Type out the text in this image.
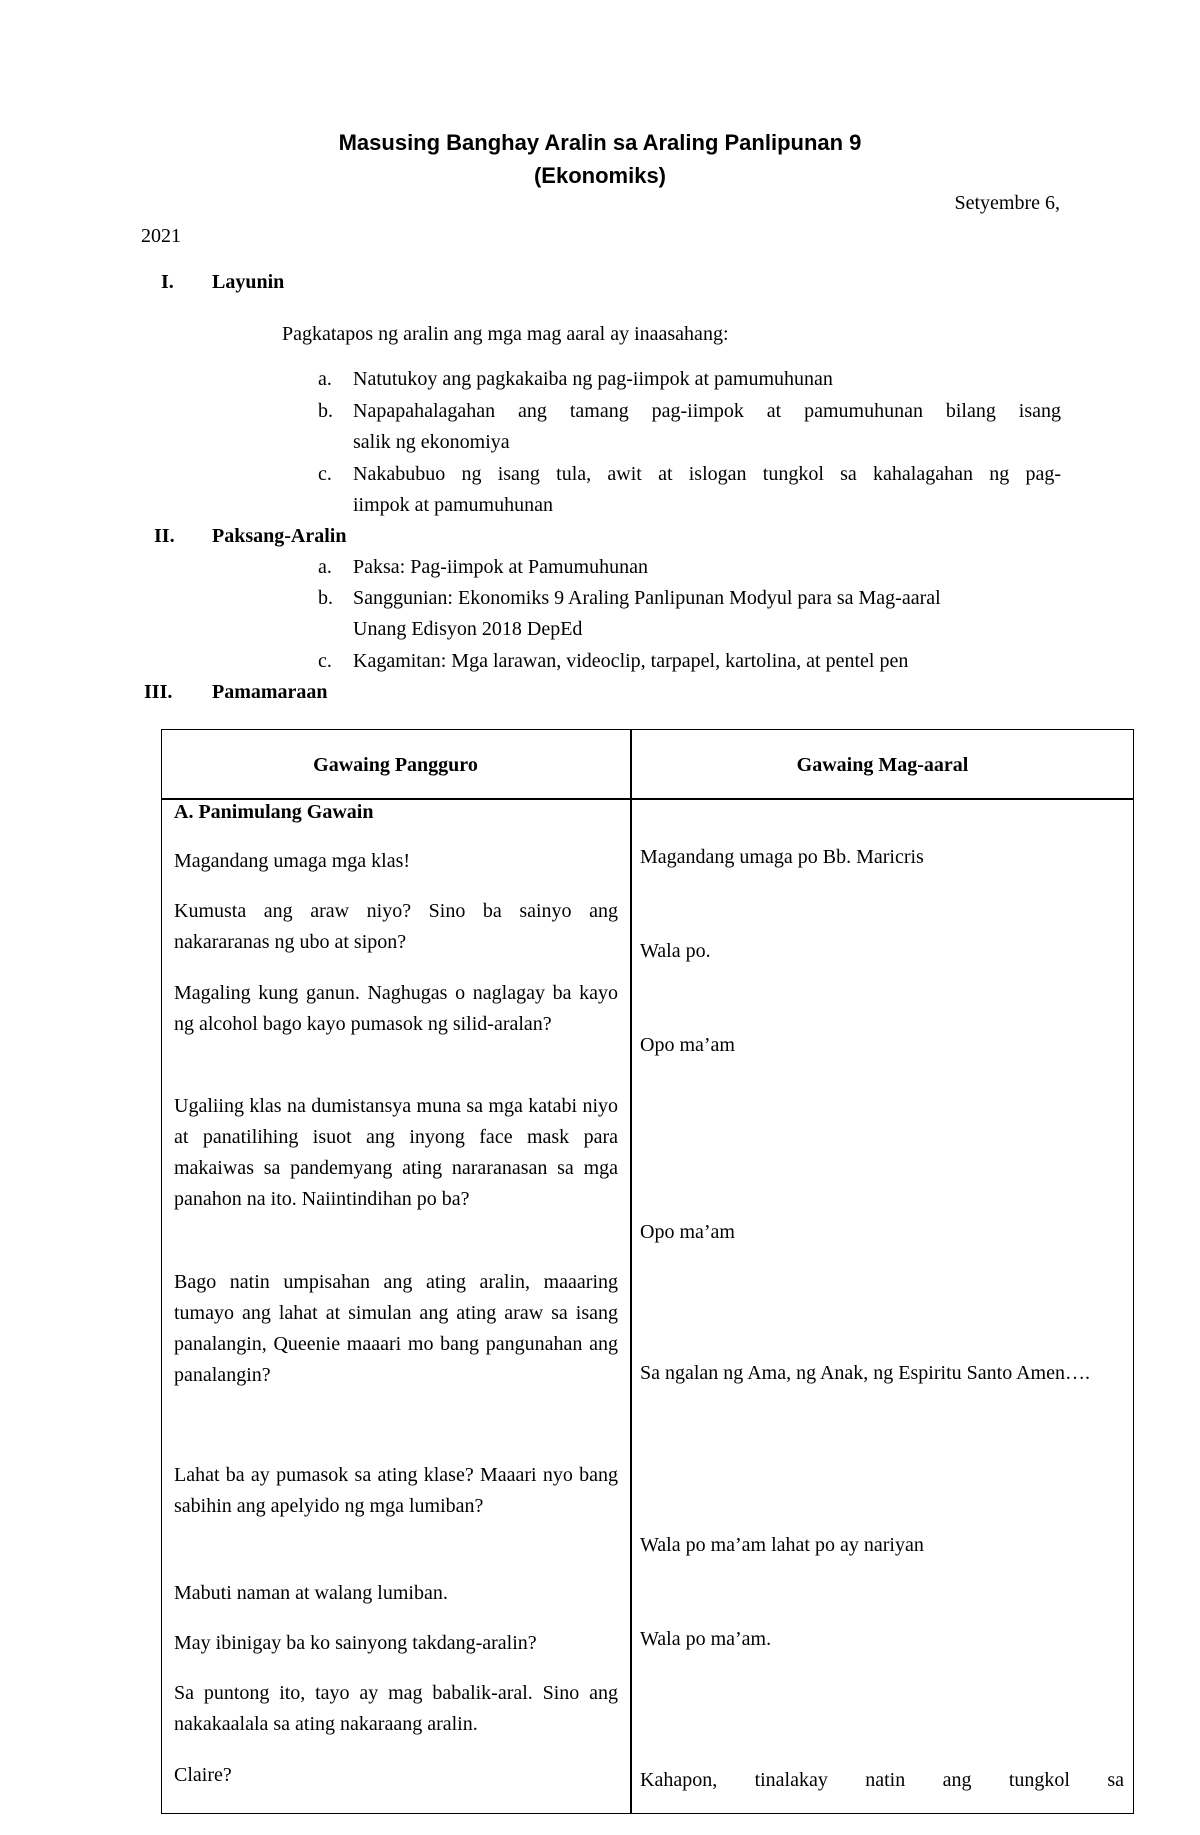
Masusing Banghay Aralin sa Araling Panlipunan 9
(Ekonomiks)
Setyembre 6,
2021
I. Layunin
Pagkatapos ng aralin ang mga mag aaral ay inaasahang:
a. Natutukoy ang pagkakaiba ng pag-iimpok at pamumuhunan
b. Napapahalagahan ang tamang pag-iimpok at pamumuhunan bilang isang
salik ng ekonomiya
c. Nakabubuo ng isang tula, awit at islogan tungkol sa kahalagahan ng pag-
iimpok at pamumuhunan
II. Paksang-Aralin
a. Paksa: Pag-iimpok at Pamumuhunan
b. Sanggunian: Ekonomiks 9 Araling Panlipunan Modyul para sa Mag-aaral
Unang Edisyon 2018 DepEd
c. Kagamitan: Mga larawan, videoclip, tarpapel, kartolina, at pentel pen
III. Pamamaraan
Gawaing Pangguro	Gawaing Mag-aaral
A. Panimulang Gawain
Magandang umaga mga klas!
Kumusta ang araw niyo? Sino ba sainyo ang nakararanas ng ubo at sipon?
Magaling kung ganun. Naghugas o naglagay ba kayo ng alcohol bago kayo pumasok ng silid-aralan?
Ugaliing klas na dumistansya muna sa mga katabi niyo at panatilihing isuot ang inyong face mask para makaiwas sa pandemyang ating nararanasan sa mga panahon na ito. Naiintindihan po ba?
Bago natin umpisahan ang ating aralin, maaaring tumayo ang lahat at simulan ang ating araw sa isang panalangin, Queenie maaari mo bang pangunahan ang panalangin?
Lahat ba ay pumasok sa ating klase? Maaari nyo bang sabihin ang apelyido ng mga lumiban?
Mabuti naman at walang lumiban.
May ibinigay ba ko sainyong takdang-aralin?
Sa puntong ito, tayo ay mag babalik-aral. Sino ang nakakaalala sa ating nakaraang aralin.
Claire?
Magandang umaga po Bb. Maricris
Wala po.
Opo ma’am
Opo ma’am
Sa ngalan ng Ama, ng Anak, ng Espiritu Santo Amen….
Wala po ma’am lahat po ay nariyan
Wala po ma’am.
Kahapon, tinalakay natin ang tungkol sa
